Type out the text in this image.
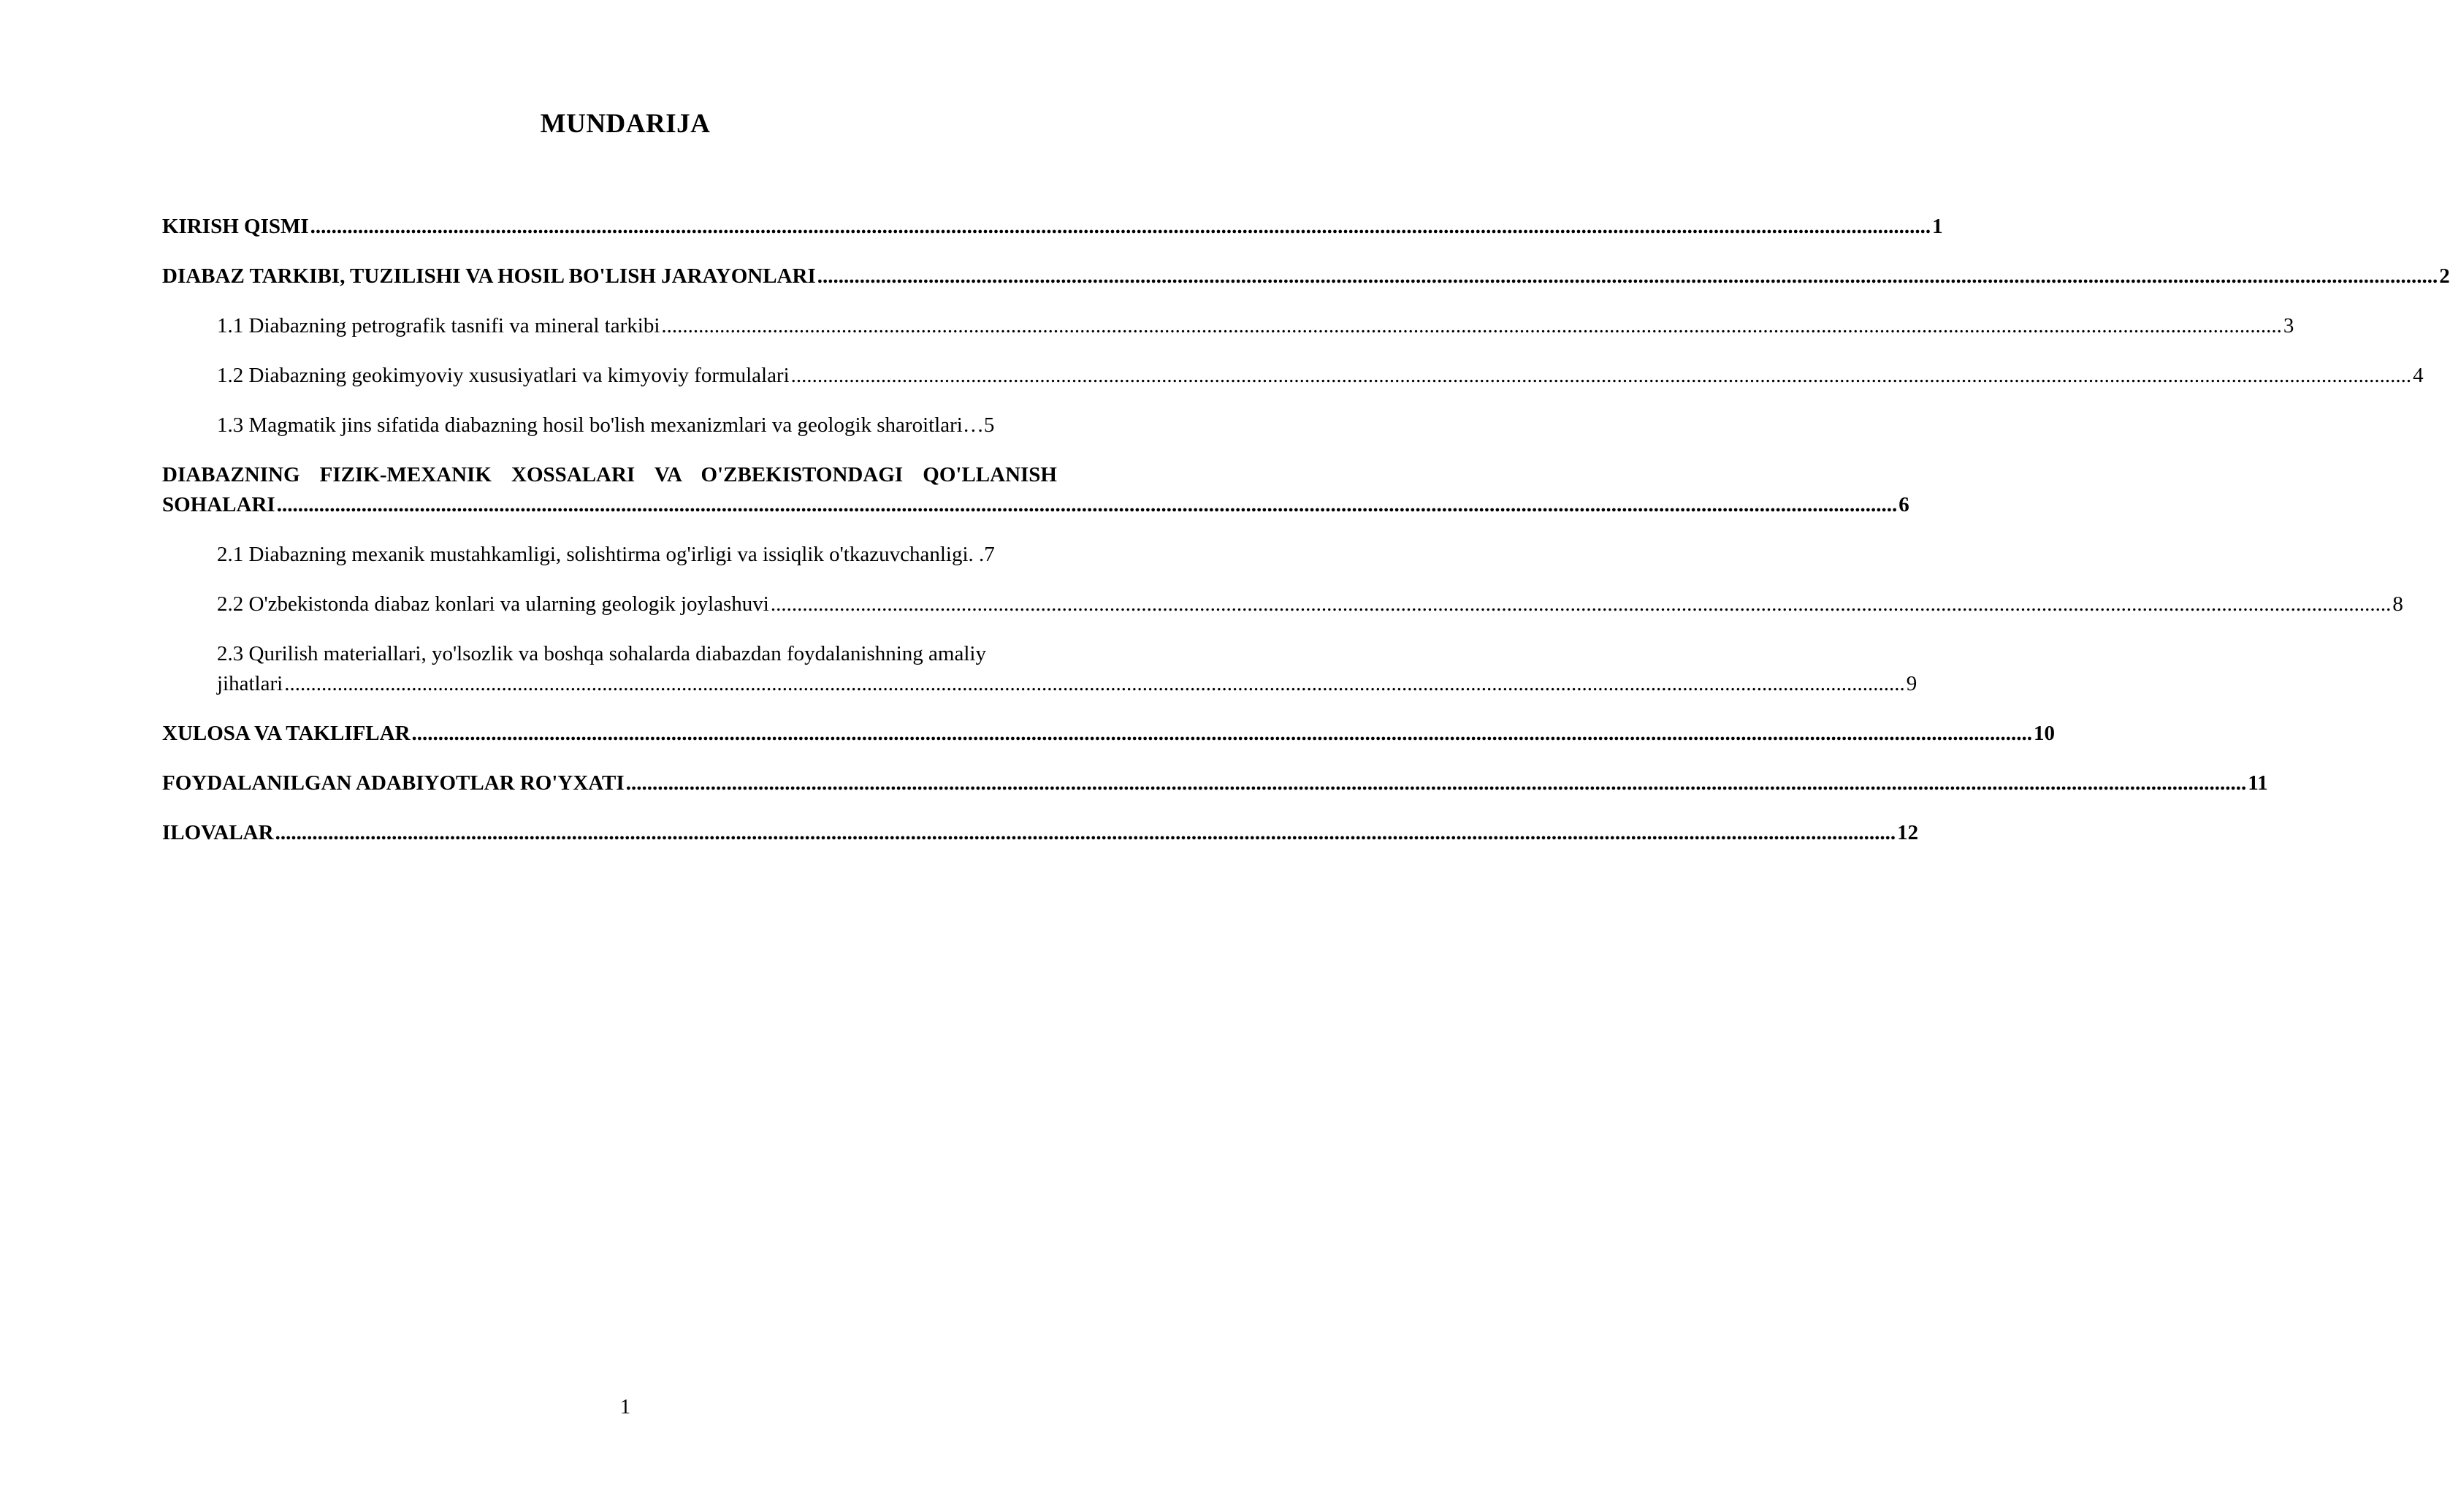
MUNDARIJA
KIRISH QISMI .....	1
DIABAZ TARKIBI, TUZILISHI VA HOSIL BO'LISH JARAYONLARI .....	2
1.1 Diabazning petrografik tasnifi va mineral tarkibi .....	3
1.2 Diabazning geokimyoviy xususiyatlari va kimyoviy formulalari .....	4
1.3 Magmatik jins sifatida diabazning hosil bo'lish mexanizmlari va geologik sharoitlari… 5
DIABAZNING FIZIK-MEXANIK XOSSALARI VA O'ZBEKISTONDAGI QO'LLANISH
SOHALARI .....	6
2.1 Diabazning mexanik mustahkamligi, solishtirma og'irligi va issiqlik o'tkazuvchanligi. . 7
2.2 O'zbekistonda diabaz konlari va ularning geologik joylashuvi .....	8
2.3 Qurilish materiallari, yo'lsozlik va boshqa sohalarda diabazdan foydalanishning amaliy
jihatlari .....	9
XULOSA VA TAKLIFLAR .....	10
FOYDALANILGAN ADABIYOTLAR RO'YXATI .....	11
ILOVALAR .....	12
1
